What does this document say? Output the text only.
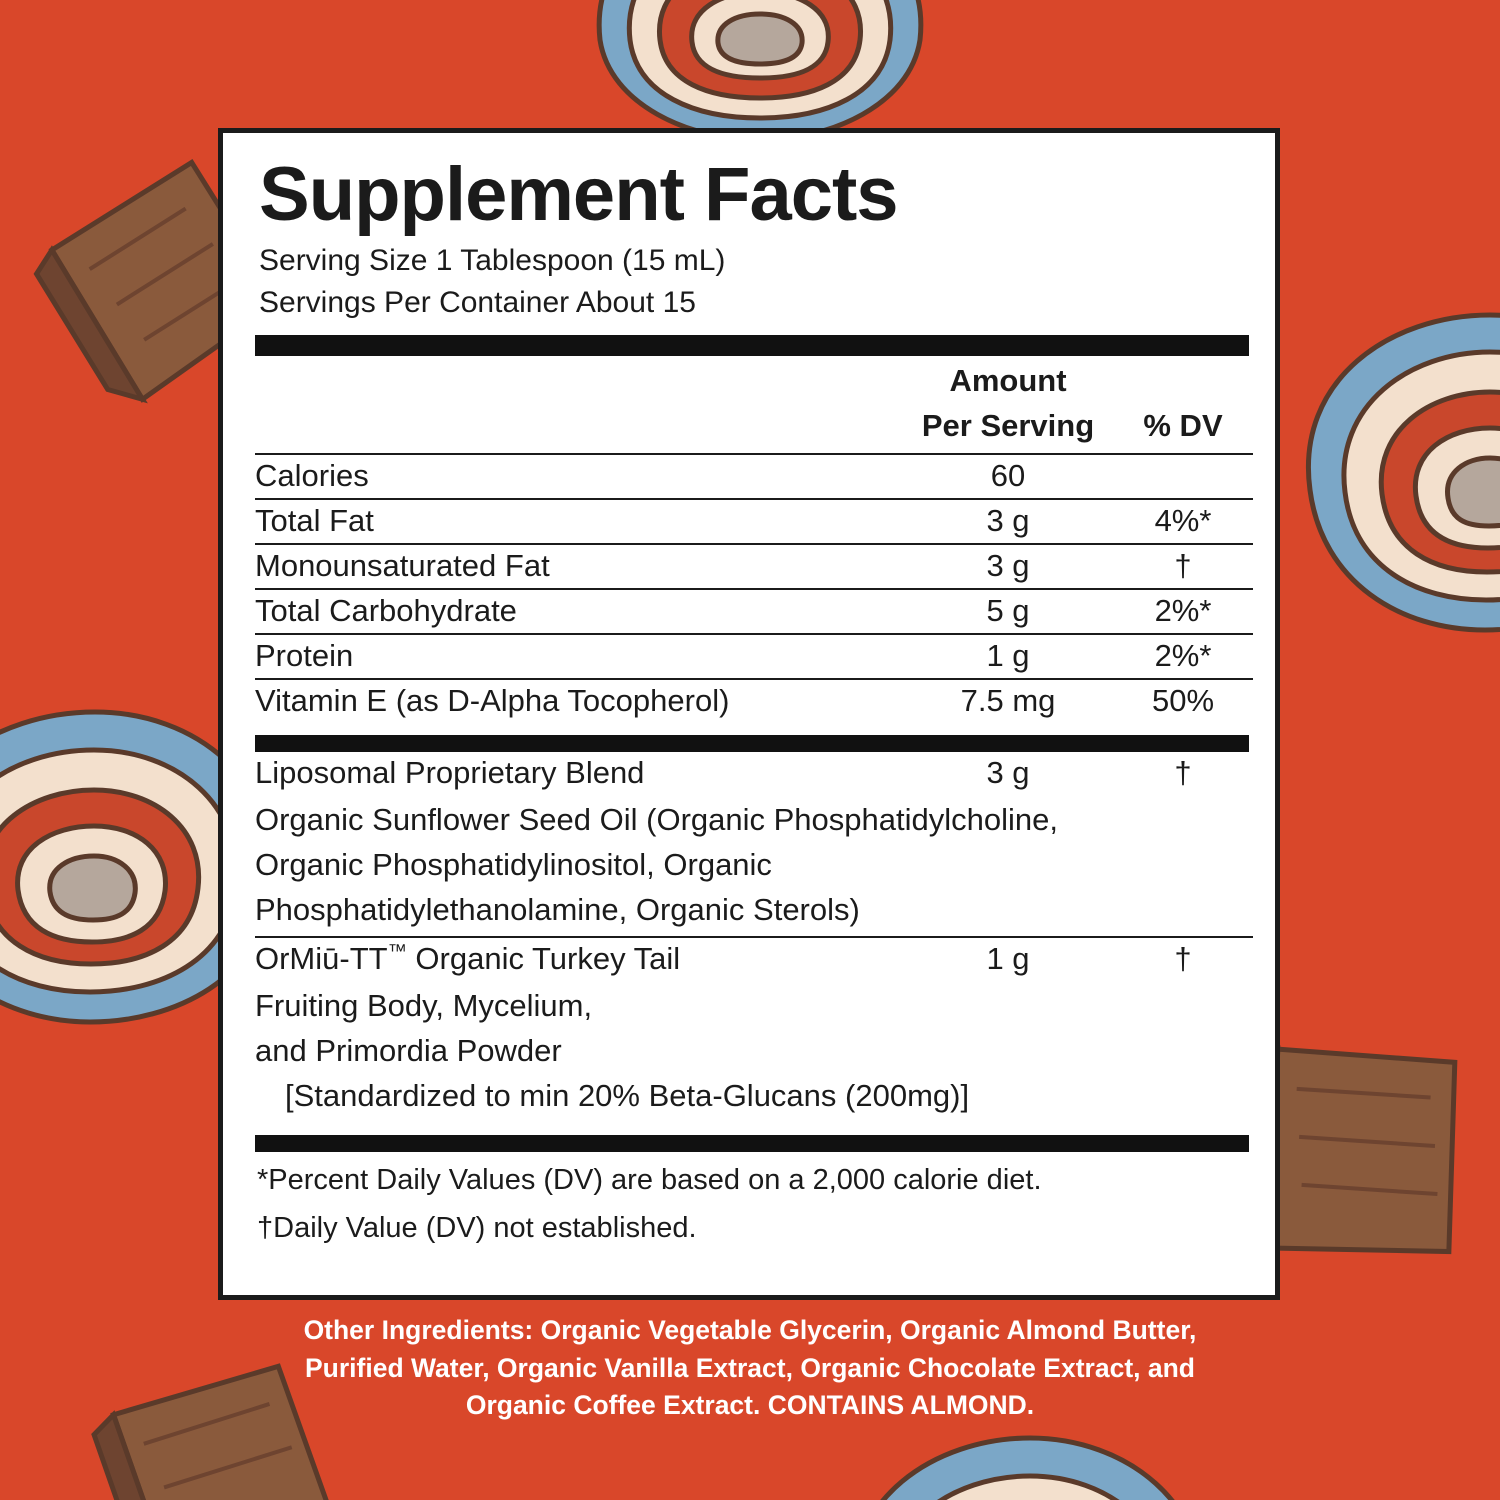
Supplement Facts

Serving Size 1 Tablespoon (15 mL)

Servings Per Container About 15

	Amount
Per Serving	% DV

Calories	60	
Total Fat	3 g	4%*
Monounsaturated Fat	3 g	†
Total Carbohydrate	5 g	2%*
Protein	1 g	2%*
Vitamin E (as D-Alpha Tocopherol)	7.5 mg	50%
Liposomal Proprietary Blend	3 g	†

Organic Sunflower Seed Oil (Organic Phosphatidylcholine,
Organic Phosphatidylinositol, Organic
Phosphatidylethanolamine, Organic Sterols)		

OrMiū-TT™ Organic Turkey Tail	1 g	†

Fruiting Body, Mycelium,
and Primordia Powder
[Standardized to min 20% Beta-Glucans (200mg)]		

*Percent Daily Values (DV) are based on a 2,000 calorie diet.

†Daily Value (DV) not established.

Other Ingredients: Organic Vegetable Glycerin, Organic Almond Butter,
Purified Water, Organic Vanilla Extract, Organic Chocolate Extract, and
Organic Coffee Extract. CONTAINS ALMOND.
